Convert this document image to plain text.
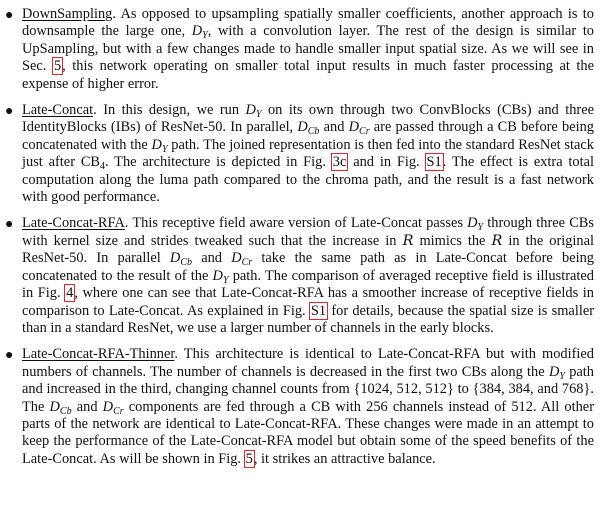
● DownSampling. As opposed to upsampling spatially smaller coefficients, another approach is to downsample the large one, $D_Y$, with a convolution layer. The rest of the design is similar to UpSampling, but with a few changes made to handle smaller input spatial size. As we will see in Sec. 5, this network operating on smaller total input results in much faster processing at the expense of higher error.
● Late-Concat. In this design, we run $D_Y$ on its own through two ConvBlocks (CBs) and three IdentityBlocks (IBs) of ResNet-50. In parallel, $D_{Cb}$ and $D_{Cr}$ are passed through a CB before being concatenated with the $D_Y$ path. The joined representation is then fed into the standard ResNet stack just after $CB_4$. The architecture is depicted in Fig. 3c and in Fig. S1. The effect is extra total computation along the luma path compared to the chroma path, and the result is a fast network with good performance.
● Late-Concat-RFA. This receptive field aware version of Late-Concat passes $D_Y$ through three CBs with kernel size and strides tweaked such that the increase in R mimics the R in the original ResNet-50. In parallel $D_{Cb}$ and $D_{Cr}$ take the same path as in Late-Concat before being concatenated to the result of the $D_Y$ path. The comparison of averaged receptive field is illustrated in Fig. 4, where one can see that Late-Concat-RFA has a smoother increase of receptive fields in comparison to Late-Concat. As explained in Fig. S1 for details, because the spatial size is smaller than in a standard ResNet, we use a larger number of channels in the early blocks.
● Late-Concat-RFA-Thinner. This architecture is identical to Late-Concat-RFA but with modified numbers of channels. The number of channels is decreased in the first two CBs along the $D_Y$ path and increased in the third, changing channel counts from {1024, 512, 512} to {384, 384, and 768}. The $D_{Cb}$ and $D_{Cr}$ components are fed through a CB with 256 channels instead of 512. All other parts of the network are identical to Late-Concat-RFA. These changes were made in an attempt to keep the performance of the Late-Concat-RFA model but obtain some of the speed benefits of the Late-Concat. As will be shown in Fig. 5, it strikes an attractive balance.
